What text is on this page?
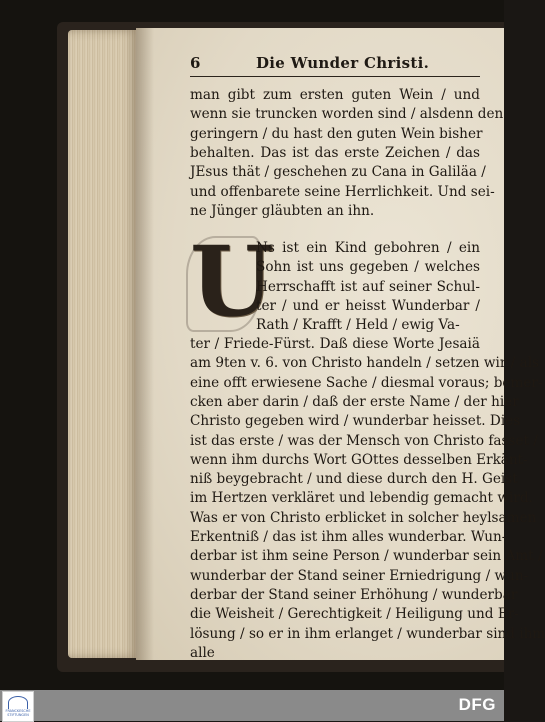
6	Die Wunder Christi.
man gibt zum ersten guten Wein / und
wenn sie truncken worden sind / alsdenn den
geringern / du hast den guten Wein bisher
behalten. Das ist das erste Zeichen / das
JEsus thät / geschehen zu Cana in Galiläa /
und offenbarete seine Herrlichkeit. Und sei-
ne Jünger gläubten an ihn.
U
Ns ist ein Kind gebohren / ein
Sohn ist uns gegeben / welches
Herrschafft ist auf seiner Schul-
ter / und er heisst Wunderbar /
Rath / Krafft / Held / ewig Va-
ter / Friede-Fürst. Daß diese Worte Jesaiä
am 9ten v. 6. von Christo handeln / setzen wir / als
eine offt erwiesene Sache / diesmal voraus; bemer-
cken aber darin / daß der erste Name / der hier
Christo gegeben wird / wunderbar heisset. Dies
ist das erste / was der Mensch von Christo fasset /
wenn ihm durchs Wort GOttes desselben Erkänt-
niß beygebracht / und diese durch den H. Geist
im Hertzen verkläret und lebendig gemacht wird.
Was er von Christo erblicket in solcher heylsamen
Erkentniß / das ist ihm alles wunderbar. Wun-
derbar ist ihm seine Person / wunderbar sein Amt /
wunderbar der Stand seiner Erniedrigung / wun-
derbar der Stand seiner Erhöhung / wunderbar
die Weisheit / Gerechtigkeit / Heiligung und Er-
lösung / so er in ihm erlanget / wunderbar sind ihm
alle
FRANCKESCHE STIFTUNGEN
DFG
